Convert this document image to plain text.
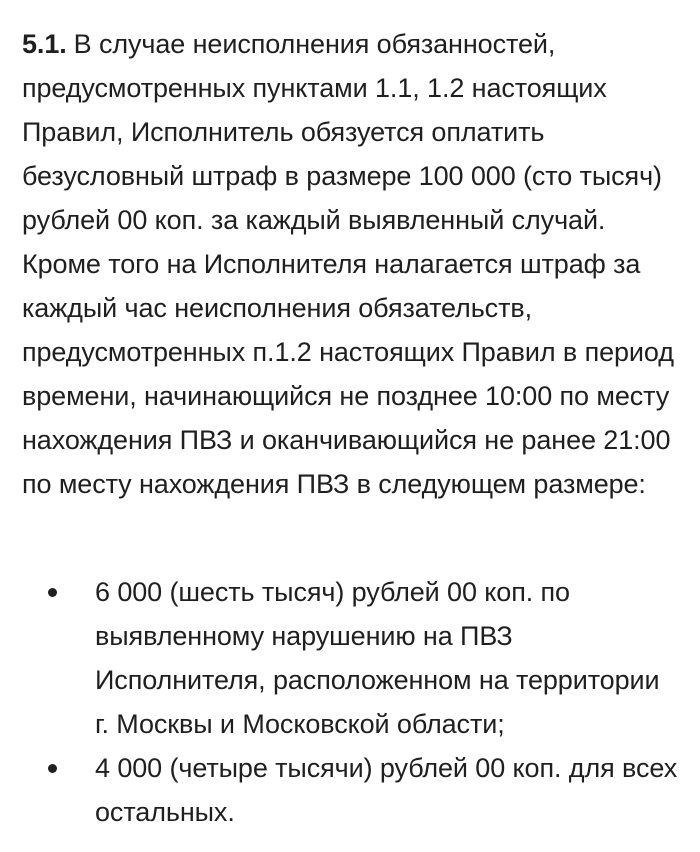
5.1. В случае неисполнения обязанностей,
предусмотренных пунктами 1.1, 1.2 настоящих
Правил, Исполнитель обязуется оплатить
безусловный штраф в размере 100 000 (сто тысяч)
рублей 00 коп. за каждый выявленный случай.
Кроме того на Исполнителя налагается штраф за
каждый час неисполнения обязательств,
предусмотренных п.1.2 настоящих Правил в период
времени, начинающийся не позднее 10:00 по месту
нахождения ПВЗ и оканчивающийся не ранее 21:00
по месту нахождения ПВЗ в следующем размере:
6 000 (шесть тысяч) рублей 00 коп. по
выявленному нарушению на ПВЗ
Исполнителя, расположенном на территории
г. Москвы и Московской области;
4 000 (четыре тысячи) рублей 00 коп. для всех
остальных.
